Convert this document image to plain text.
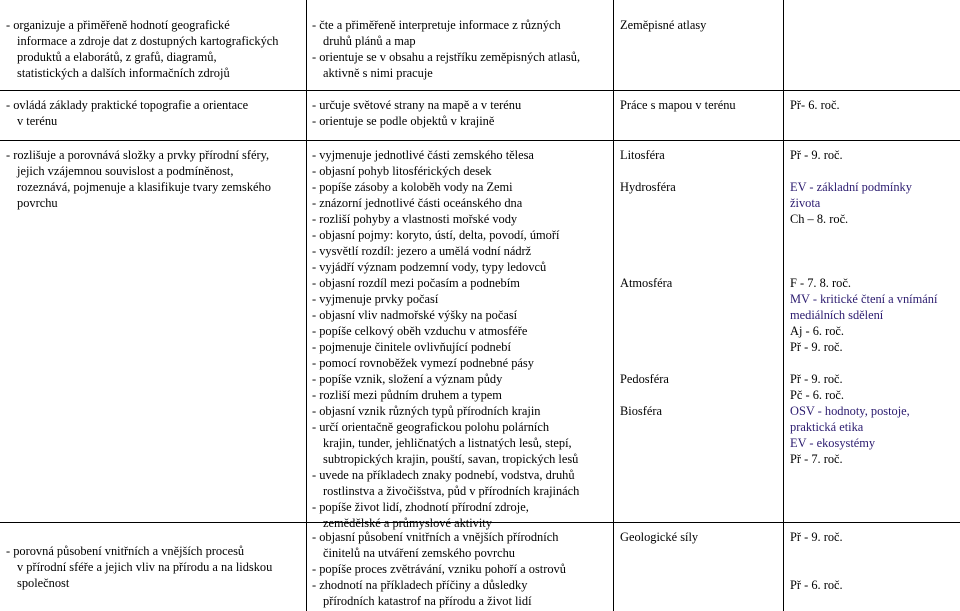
- organizuje a přiměřeně hodnotí geografické
informace a zdroje dat z dostupných kartografických
produktů a elaborátů, z grafů, diagramů,
statistických a dalších informačních zdrojů
- čte a přiměřeně interpretuje informace z různých
druhů plánů a map
- orientuje se v obsahu a rejstříku zeměpisných atlasů,
aktivně s nimi pracuje
Zeměpisné atlasy
- ovládá základy praktické topografie a orientace
v terénu
- určuje světové strany na mapě a v terénu
- orientuje se podle objektů v krajině
Práce s mapou v terénu	Př- 6. roč.
- rozlišuje a porovnává složky a prvky přírodní sféry,
jejich vzájemnou souvislost a podmíněnost,
rozeznává, pojmenuje a klasifikuje tvary zemského
povrchu
- vyjmenuje jednotlivé části zemského tělesa
- objasní pohyb litosférických desek
- popíše zásoby a koloběh vody na Zemi
- znázorní jednotlivé části oceánského dna
- rozliší pohyby a vlastnosti mořské vody
- objasní pojmy: koryto, ústí, delta, povodí, úmoří
- vysvětlí rozdíl: jezero a umělá vodní nádrž
- vyjádří význam podzemní vody, typy ledovců
- objasní rozdíl mezi počasím a podnebím
- vyjmenuje prvky počasí
- objasní vliv nadmořské výšky na počasí
- popíše celkový oběh vzduchu v atmosféře
- pojmenuje činitele ovlivňující podnebí
- pomocí rovnoběžek vymezí podnebné pásy
- popíše vznik, složení a význam půdy
- rozliší mezi půdním druhem a typem
- objasní vznik různých typů přírodních krajin
- určí orientačně geografickou polohu polárních
krajin, tunder, jehličnatých a listnatých lesů, stepí,
subtropických krajin, pouští, savan, tropických lesů
- uvede na příkladech znaky podnebí, vodstva, druhů
rostlinstva a živočišstva, půd v přírodních krajinách
- popíše život lidí, zhodnotí přírodní zdroje,
zemědělské a průmyslové aktivity
Litosféra
Hydrosféra
Atmosféra
Pedosféra
Biosféra
Př - 9. roč.
EV - základní podmínky
života
Ch – 8. roč.
F - 7. 8. roč.
MV - kritické čtení a vnímání
mediálních sdělení
Aj - 6. roč.
Př - 9. roč.
Př - 9. roč.
Pč - 6. roč.
OSV - hodnoty, postoje,
praktická etika
EV - ekosystémy
Př - 7. roč.
- porovná působení vnitřních a vnějších procesů
v přírodní sféře a jejich vliv na přírodu a na lidskou
společnost
- objasní působení vnitřních a vnějších přírodních
činitelů na utváření zemského povrchu
- popíše proces zvětrávání, vzniku pohoří a ostrovů
- zhodnotí na příkladech příčiny a důsledky
přírodních katastrof na přírodu a život lidí
Geologické síly	Př - 9. roč.
Př - 6. roč.
